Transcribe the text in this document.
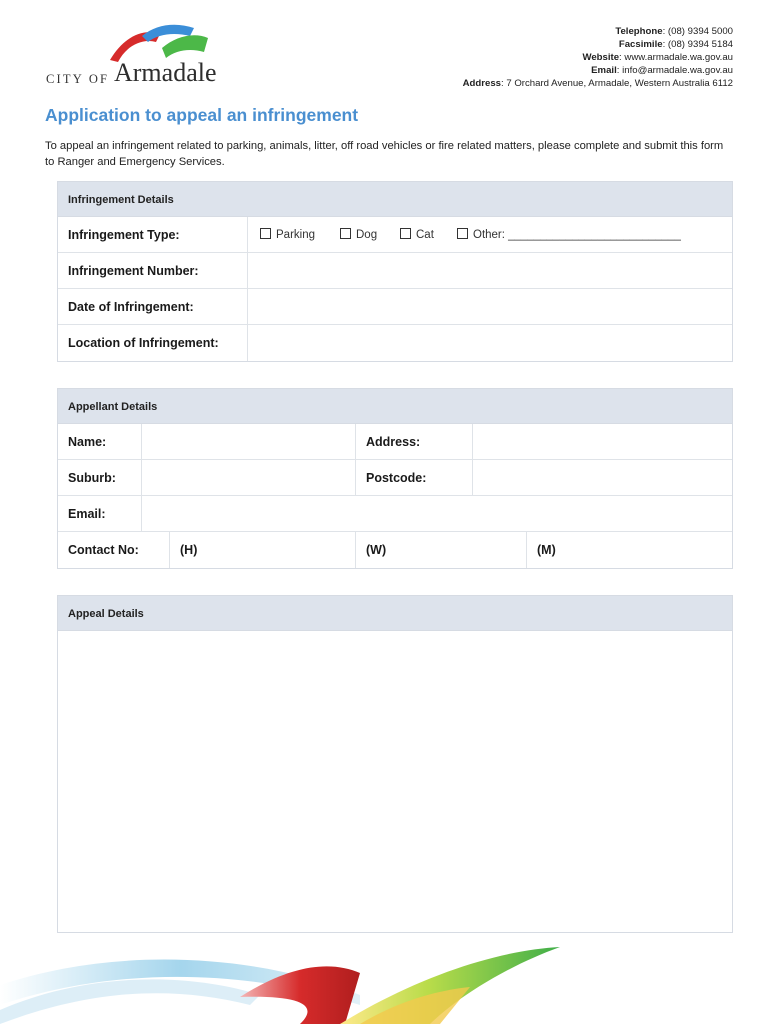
CITY OF Armadale
Telephone: (08) 9394 5000
Facsimile: (08) 9394 5184
Website: www.armadale.wa.gov.au
Email: info@armadale.wa.gov.au
Address: 7 Orchard Avenue, Armadale, Western Australia 6112
Application to appeal an infringement
To appeal an infringement related to parking, animals, litter, off road vehicles or fire related matters, please complete and submit this form to Ranger and Emergency Services.
Infringement Details
Infringement Type:	Parking	Dog	Cat	Other: ___________________________
Infringement Number:
Date of Infringement:
Location of Infringement:
Appellant Details
Name:	Address:
Suburb:	Postcode:
Email:
Contact No:	(H)	(W)	(M)
Appeal Details
